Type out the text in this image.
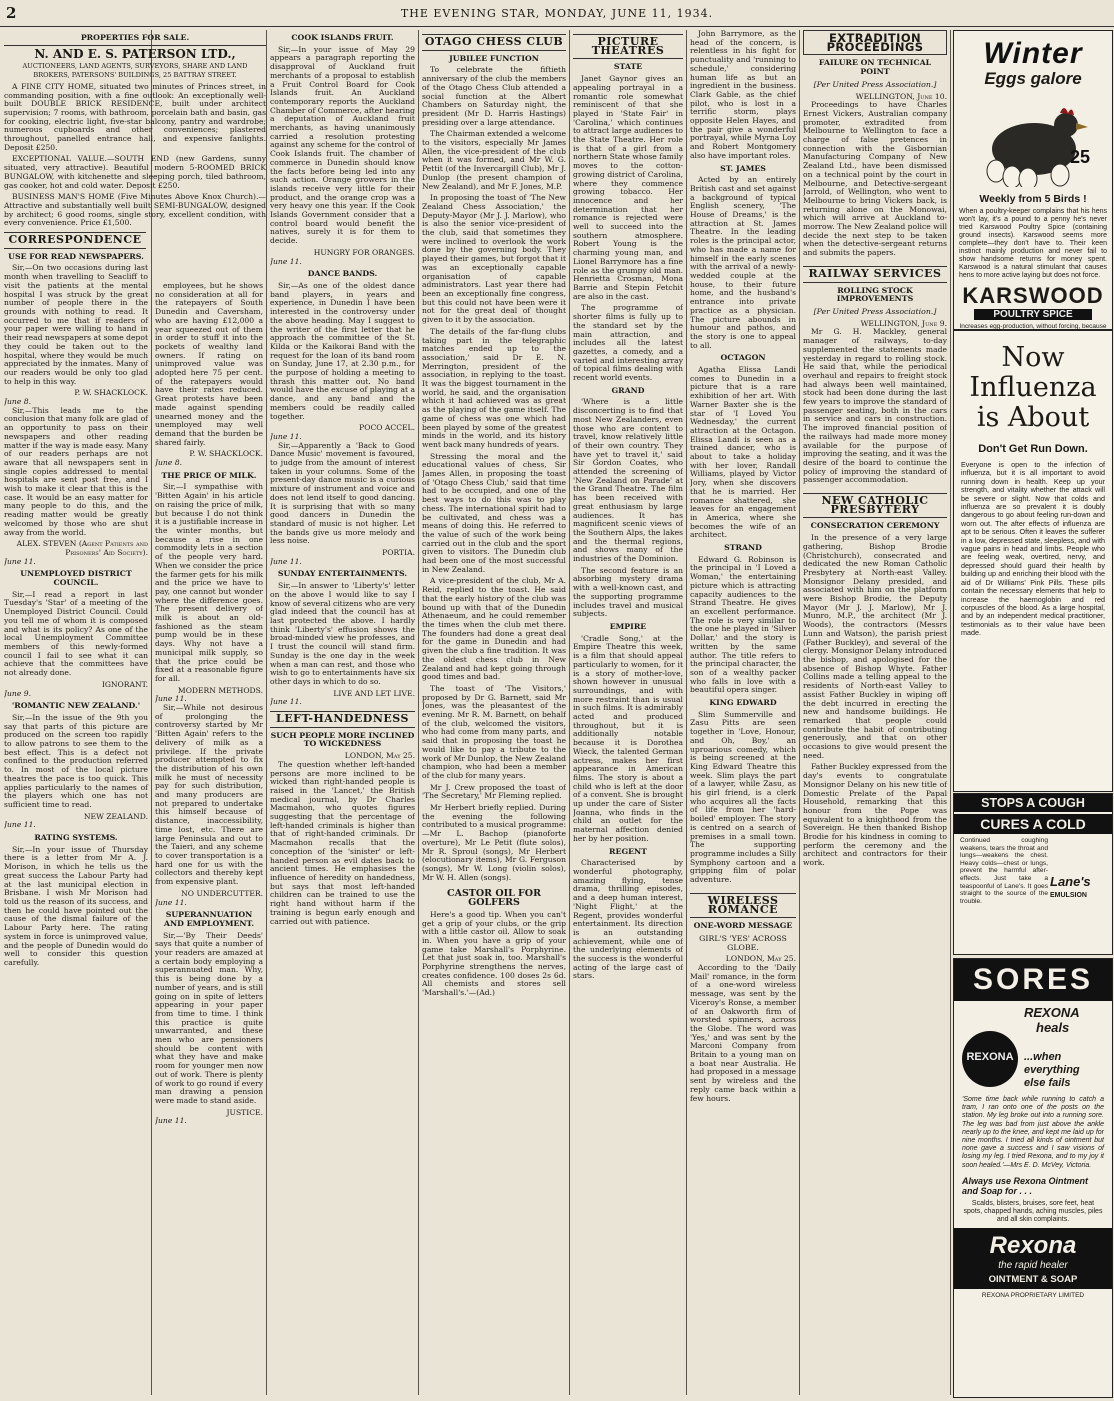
2	THE EVENING STAR, MONDAY, JUNE 11, 1934.
PROPERTIES FOR SALE.
N. AND E. S. PATERSON LTD.,
AUCTIONEERS, LAND AGENTS, SURVEYORS, SHARE AND LAND BROKERS, PATERSONS' BUILDINGS, 25 BATTRAY STREET.

A FINE CITY HOME, situated two minutes of Princes street, in commanding position, with a fine outlook: An exceptionally well-built DOUBLE BRICK RESIDENCE, built under architect supervision; 7 rooms, with bathroom, porcelain bath and basin, gas for cooking, electric light, five-star balcony, pantry and wardrobe; numerous cupboards and other conveniences; plastered throughout, panelled entrance hall, and expensive fanlights. Deposit £250.

EXCEPTIONAL VALUE.—SOUTH END (new Gardens, sunny situated, very attractive). Beautiful modern 5-ROOMED BRICK BUNGALOW, with kitchenette and sleeping porch, tiled bathroom, gas cooker, hot and cold water. Deposit £250.

BUSINESS MAN'S HOME (Five Minutes Above Knox Church).—Attractive and substantially well built SEMI-BUNGALOW, designed by architect; 6 good rooms, single story, excellent condition, with every convenience. Price £1,500.

CORRESPONDENCE
USE FOR READ NEWSPAPERS.

Sir,—On two occasions during last month when travelling to Seacliff to visit the patients at the mental hospital I was struck by the great number of people there in the grounds with nothing to read. It occurred to me that if readers of your paper were willing to hand in their read newspapers at some depot they could be taken out to the hospital, where they would be much appreciated by the inmates. Many of our readers would be only too glad to help in this way.

P. W. SHACKLOCK.
June 8.

Sir,—This leads me to the conclusion that many folk are glad of an opportunity to pass on their newspapers and other reading matter if the way is made easy. Many of our readers perhaps are not aware that all newspapers sent in single copies addressed to mental hospitals are sent post free, and I wish to make it clear that this is the case. It would be an easy matter for many people to do this, and the reading matter would be greatly welcomed by those who are shut away from the world.

ALEX. STEVEN (Agent Patients and Prisoners' Aid Society).
June 11.
UNEMPLOYED DISTRICT COUNCIL.

Sir,—I read a report in last Tuesday's 'Star' of a meeting of the Unemployed District Council. Could you tell me of whom it is composed and what is its policy? As one of the local Unemployment Committee members of this newly-formed council I fail to see what it can achieve that the committees have not already done.

IGNORANT.
June 9.
'ROMANTIC NEW ZEALAND.'

Sir,—In the issue of the 9th you say that parts of this picture are produced on the screen too rapidly to allow patrons to see them to the best effect. This is a defect not confined to the production referred to. In most of the local picture theatres the pace is too quick. This applies particularly to the names of the players which one has not sufficient time to read.

NEW ZEALAND.
June 11.
RATING SYSTEMS.

Sir,—In your issue of Thursday there is a letter from Mr A. J. Morison, in which he tells us the great success the Labour Party had at the last municipal election in Brisbane. I wish Mr Morison had told us the reason of its success, and then he could have pointed out the cause of the dismal failure of the Labour Party here. The rating system in force is unimproved value, and the people of Dunedin would do well to consider this question carefully.

employees, but he shows no consideration at all for the ratepayers of South Dunedin and Caversham, who are having £12,000 a year squeezed out of them in order to stuff it into the pockets of wealthy land owners. If rating on unimproved value was adopted here 75 per cent. of the ratepayers would have their rates reduced. Great protests have been made against spending unearned money and the unemployed may well demand that the burden be shared fairly.

P. W. SHACKLOCK.
June 8.
THE PRICE OF MILK.

Sir,—I sympathise with 'Bitten Again' in his article on raising the price of milk, but because I do not think it is a justifiable increase in the winter months, but because a rise in one commodity lets in a section of the people very hard. When we consider the price the farmer gets for his milk and the price we have to pay, one cannot but wonder where the difference goes. The present delivery of milk is about an old-fashioned as the steam pump would be in these days. Why not have a municipal milk supply, so that the price could be fixed at a reasonable figure for all.

MODERN METHODS.
June 11.

Sir,—While not desirous of prolonging the controversy started by Mr 'Bitten Again' refers to the delivery of milk as a privilege. If the private producer attempted to fix the distribution of his own milk he must of necessity pay for such distribution, and many producers are not prepared to undertake this himself because of distance, inaccessibility, time lost, etc. There are large Peninsula and out to the Taieri, and any scheme to cover transportation is a hard one for us with the collectors and thereby kept from expensive plant.

NO UNDERCUTTER.
June 11.
SUPERANNUATION AND EMPLOYMENT.

Sir,—'By Their Deeds' says that quite a number of your readers are amazed at a certain body employing a superannuated man. Why, this is being done by a number of years, and is still going on in spite of letters appearing in your paper from time to time. I think this practice is quite unwarranted, and these men who are pensioners should be content with what they have and make room for younger men now out of work. There is plenty of work to go round if every man drawing a pension were made to stand aside.

JUSTICE.
June 11.
COOK ISLANDS FRUIT.

Sir,—In your issue of May 29 appears a paragraph reporting the disapproval of Auckland fruit merchants of a proposal to establish a Fruit Control Board for Cook Islands fruit. An Auckland contemporary reports the Auckland Chamber of Commerce, after hearing a deputation of Auckland fruit merchants, as having unanimously carried a resolution protesting against any scheme for the control of Cook Islands fruit. The chamber of commerce in Dunedin should know the facts before being led into any such action. Orange growers in the islands receive very little for their product, and the orange crop was a very heavy one this year. If the Cook Islands Government consider that a control board would benefit the natives, surely it is for them to decide.

HUNGRY FOR ORANGES.
June 11.
DANCE BANDS.

Sir,—As one of the oldest dance band players, in years and experience, in Dunedin I have been interested in the controversy under the above heading. May I suggest to the writer of the first letter that he approach the committee of the St. Kilda or the Kaikorai Band with the request for the loan of its band room on Sunday, June 17, at 2.30 p.m., for the purpose of holding a meeting to thrash this matter out. No band would have the excuse of playing at a dance, and any band and the members could be readily called together.

POCO ACCEL.
June 11.

Sir,—Apparently a 'Back to Good Dance Music' movement is favoured, to judge from the amount of interest taken in your columns. Some of the present-day dance music is a curious mixture of instrument and voice and does not lend itself to good dancing. It is surprising that with so many good dancers in Dunedin the standard of music is not higher. Let the bands give us more melody and less noise.

PORTIA.
June 11.
SUNDAY ENTERTAINMENTS.

Sir,—In answer to 'Liberty's' letter on the above I would like to say I know of several citizens who are very glad indeed that the council has at last protected the above. I hardly think 'Liberty's' effusion shows the broad-minded view he professes, and I trust the council will stand firm. Sunday is the one day in the week when a man can rest, and those who wish to go to entertainments have six other days in which to do so.

LIVE AND LET LIVE.
June 11.
LEFT-HANDEDNESS
SUCH PEOPLE MORE INCLINED TO WICKEDNESS
LONDON, May 25.

The question whether left-handed persons are more inclined to be wicked than right-handed people is raised in the 'Lancet,' the British medical journal, by Dr Charles Macmahon, who quotes figures suggesting that the percentage of left-handed criminals is higher than that of right-handed criminals. Dr Macmahon recalls that the conception of the 'sinister' or left-handed person as evil dates back to ancient times. He emphasises the influence of heredity on handedness, but says that most left-handed children can be trained to use the right hand without harm if the training is begun early enough and carried out with patience.

OTAGO CHESS CLUB
JUBILEE FUNCTION

To celebrate the fiftieth anniversary of the club the members of the Otago Chess Club attended a social function at the Albert Chambers on Saturday night, the president (Mr D. Harris Hastings) presiding over a large attendance.

The Chairman extended a welcome to the visitors, especially Mr James Allen, the vice-president of the club when it was formed, and Mr W. G. Pettit (of the Invercargill Club), Mr J. Dunlop (the present champion of New Zealand), and Mr F. Jones, M.P.

In proposing the toast of 'The New Zealand Chess Association,' the Deputy-Mayor (Mr J. J. Marlow), who is also the senior vice-president of the club, said that sometimes they were inclined to overlook the work done by the governing body. They played their games, but forgot that it was an exceptionally capable organisation of capable administrators. Last year there had been an exceptionally fine congress, but this could not have been were it not for the great deal of thought given to it by the association.

The details of the far-flung clubs taking part in the telegraphic matches ended up to the association,' said Dr E. N. Merrington, president of the association, in replying to the toast. It was the biggest tournament in the world, he said, and the organisation which it had achieved was as great as the playing of the game itself. The game of chess was one which had been played by some of the greatest minds in the world, and its history went back many hundreds of years.

Stressing the moral and the educational values of chess, Sir James Allen, in proposing the toast of 'Otago Chess Club,' said that time had to be occupied, and one of the best ways to do this was to play chess. The international spirit had to be cultivated, and chess was a means of doing this. He referred to the value of such of the work being carried out in the club and the sport given to visitors. The Dunedin club had been one of the most successful in New Zealand.

A vice-president of the club, Mr A. Reid, replied to the toast. He said that the early history of the club was bound up with that of the Dunedin Athenaeum, and he could remember the times when the club met there. The founders had done a great deal for the game in Dunedin and had given the club a fine tradition. It was the oldest chess club in New Zealand and had kept going through good times and bad.

The toast of 'The Visitors,' proposed by Dr G. Barnett, said Mr Jones, was the pleasantest of the evening. Mr R. M. Barnett, on behalf of the club, welcomed the visitors, who had come from many parts, and said that in proposing the toast he would like to pay a tribute to the work of Mr Dunlop, the New Zealand champion, who had been a member of the club for many years.

Mr J. Crew proposed the toast of 'The Secretary,' Mr Fleming replied.

Mr Herbert briefly replied. During the evening the following contributed to a musical programme:—Mr L. Bachop (pianoforte overture), Mr Le Petit (flute solos), Mr R. Sproul (songs), Mr Herbert (elocutionary items), Mr G. Ferguson (songs), Mr W. Long (violin solos), Mr W. H. Allen (songs).

CASTOR OIL FOR GOLFERS

Here's a good tip. When you can't get a grip of your clubs, or the grip with a little castor oil. Allow to soak in. When you have a grip of your game take Marshall's Porphyrine. Let that just soak in, too. Marshall's Porphyrine strengthens the nerves, creates confidence. 100 doses 2s 6d. All chemists and stores sell 'Marshall's.'—(Ad.)

PICTURE THEATRES
STATE

Janet Gaynor gives an appealing portrayal in a romantic role somewhat reminiscent of that she played in 'State Fair' in 'Carolina,' which continues to attract large audiences to the State Theatre. Her role is that of a girl from a northern State whose family moves to the cotton-growing district of Carolina, where they commence growing tobacco. Her innocence and her determination that her romance is rejected were well to succeed into the southern atmosphere. Robert Young is the charming young man, and Lionel Barrymore has a fine role as the grumpy old man. Henrietta Crosman, Mona Barrie and Stepin Fetchit are also in the cast.

The programme of shorter films is fully up to the standard set by the main attraction, and includes all the latest gazettes, a comedy, and a varied and interesting array of topical films dealing with recent world events.

GRAND

'Where is a little disconcerting is to find that most New Zealanders, even those who are content to travel, know relatively little of their own country. They have yet to travel it,' said Sir Gordon Coates, who attended the screening of 'New Zealand on Parade' at the Grand Theatre. The film has been received with great enthusiasm by large audiences. It has magnificent scenic views of the Southern Alps, the lakes and the thermal regions, and shows many of the industries of the Dominion.

The second feature is an absorbing mystery drama with a well-known cast, and the supporting programme includes travel and musical subjects.

EMPIRE

'Cradle Song,' at the Empire Theatre this week, is a film that should appeal particularly to women, for it is a story of mother-love, shown however in unusual surroundings, and with more restraint than is usual in such films. It is admirably acted and produced throughout, but it is additionally notable because it is Dorothea Wieck, the talented German actress, makes her first appearance in American films. The story is about a child who is left at the door of a convent. She is brought up under the care of Sister Joanna, who finds in the child an outlet for the maternal affection denied her by her position.

REGENT

Characterised by wonderful photography, amazing flying, tense drama, thrilling episodes, and a deep human interest, 'Night Flight,' at the Regent, provides wonderful entertainment. Its direction is an outstanding achievement, while one of the underlying elements of the success is the wonderful acting of the large cast of stars.

John Barrymore, as the head of the concern, is relentless in his fight for punctuality and 'running to schedule,' considering human life as but an ingredient in the business. Clark Gable, as the chief pilot, who is lost in a terrific storm, plays opposite Helen Hayes, and the pair give a wonderful portrayal, while Myrna Loy and Robert Montgomery also have important roles.

ST. JAMES

Acted by an entirely British cast and set against a background of typical English scenery, 'The House of Dreams,' is the attraction at St. James Theatre. In the leading roles is the principal actor, who has made a name for himself in the early scenes with the arrival of a newly-wedded couple at the house, to their future home, and the husband's entrance into private practice as a physician. The picture abounds in humour and pathos, and the story is one to appeal to all.

OCTAGON

Agatha Elissa Landi comes to Dunedin in a picture that is a rare exhibition of her art. With Warner Baxter she is the star of 'I Loved You Wednesday,' the current attraction at the Octagon. Elissa Landi is seen as a trained dancer, who is about to take a holiday with her lover, Randall Williams, played by Victor Jory, when she discovers that he is married. Her romance shattered, she leaves for an engagement in America, where she becomes the wife of an architect.

STRAND

Edward G. Robinson is the principal in 'I Loved a Woman,' the entertaining picture which is attracting capacity audiences to the Strand Theatre. He gives an excellent performance. The role is very similar to the one he played in 'Silver Dollar,' and the story is written by the same author. The title refers to the principal character, the son of a wealthy packer who falls in love with a beautiful opera singer.

KING EDWARD

Slim Summerville and Zasu Pitts are seen together in 'Love, Honour, and Oh, Boy,' an uproarious comedy, which is being screened at the King Edward Theatre this week. Slim plays the part of a lawyer, while Zasu, as his girl friend, is a clerk who acquires all the facts of life from her 'hard-boiled' employer. The story is centred on a search of premises in a small town. The supporting programme includes a Silly Symphony cartoon and a gripping film of polar adventure.

WIRELESS ROMANCE
ONE-WORD MESSAGE
GIRL'S 'YES' ACROSS GLOBE.
LONDON, May 25.

According to the 'Daily Mail' romance, in the form of a one-word wireless message, was sent by the Viceroy's Ronse, a member of an Oakworth firm of worsted spinners, across the Globe. The word was 'Yes,' and was sent by the Marconi Company from Britain to a young man on a boat near Australia. He had proposed in a message sent by wireless and the reply came back within a few hours.

EXTRADITION PROCEEDINGS
FAILURE ON TECHNICAL POINT
[Per United Press Association.]
WELLINGTON, June 10.

Proceedings to have Charles Ernest Vickers, Australian company promoter, extradited from Melbourne to Wellington to face a charge of false pretences in connection with the Gisbornian Manufacturing Company of New Zealand Ltd., have been dismissed on a technical point by the court in Melbourne, and Detective-sergeant Jarrold, of Wellington, who went to Melbourne to bring Vickers back, is returning alone on the Monowai, which will arrive at Auckland to-morrow. The New Zealand police will decide the next step to be taken when the detective-sergeant returns and submits the papers.

RAILWAY SERVICES
ROLLING STOCK IMPROVEMENTS
[Per United Press Association.]
WELLINGTON, June 9.

Mr G. H. Mackley, general manager of railways, to-day supplemented the statements made yesterday in regard to rolling stock. He said that, while the periodical overhaul and repairs to freight stock had always been well maintained, stock had been done during the last few years to improve the standard of passenger seating, both in the cars in service and cars in construction. The improved financial position of the railways had made more money available for the purpose of improving the seating, and it was the desire of the board to continue the policy of improving the standard of passenger accommodation.

NEW CATHOLIC PRESBYTERY
CONSECRATION CEREMONY

In the presence of a very large gathering, Bishop Brodie (Christchurch), consecrated and dedicated the new Roman Catholic Presbytery at North-east Valley. Monsignor Delany presided, and associated with him on the platform were Bishop Brodie, the Deputy Mayor (Mr J. J. Marlow), Mr J. Munro, M.P., the architect (Mr J. Woods), the contractors (Messrs Lunn and Watson), the parish priest (Father Buckley), and several of the clergy. Monsignor Delany introduced the bishop, and apologised for the absence of Bishop Whyte. Father Collins made a telling appeal to the residents of North-east Valley to assist Father Buckley in wiping off the debt incurred in erecting the new and handsome buildings. He remarked that people could contribute the habit of contributing generously, and that on other occasions to give would present the need.

Father Buckley expressed from the day's events to congratulate Monsignor Delany on his new title of Domestic Prelate of the Papal Household, remarking that this honour from the Pope was equivalent to a knighthood from the Sovereign. He then thanked Bishop Brodie for his kindness in coming to perform the ceremony and the architect and contractors for their work.

Winter
Eggs galore
25
Weekly from 5 Birds !
When a poultry-keeper complains that his hens won't lay, it's a pound to a penny he's never tried Karswood Poultry Spice (containing ground insects). Karswood seems more complete—they don't have to. Their keen instinct mainly production and never fail to show handsome returns for money spent. Karswood is a natural stimulant that causes hens to more active laying but does not force.
KARSWOOD
POULTRY SPICE
Increases egg-production, without forcing, because
Now
Influenza
is About
Don't Get Run Down.
Everyone is open to the infection of influenza, but it is all important to avoid running down in health. Keep up your strength, and vitality whether the attack will be severe or slight. Now that colds and influenza are so prevalent it is doubly dangerous to go about feeling run-down and worn out. The after effects of influenza are apt to be serious. Often it leaves the sufferer in a low, depressed state, sleepless, and with vague pains in head and limbs. People who are feeling weak, overtired, nervy, and depressed should guard their health by building up and enriching their blood with the aid of Dr Williams' Pink Pills. These pills contain the necessary elements that help to increase the haemoglobin and red corpuscles of the blood. As a large hospital, and by an independent medical practitioner, testimonials as to their value have been made.
STOPS A COUGH
CURES A COLD
Continued coughing weakens, tears the throat and lungs—weakens the chest. Heavy colds—chest or lungs, prevent the harmful after-effects. Just take a teaspoonful of Lane's. It goes straight to the source of the trouble.
Lane's
EMULSION
SORES
REXONA
REXONA
heals
...when everything else fails
'Some time back while running to catch a tram, I ran onto one of the posts on the station. My leg broke out into a running sore. The leg was bad from just above the ankle nearly up to the knee, and kept me laid up for nine months. I tried all kinds of ointment but none gave a success and I saw visions of losing my leg. I tried Rexona, and to my joy it soon healed.'—Mrs E. D. McVey, Victoria.
Always use Rexona Ointment and Soap for . . .
Scalds, blisters, bruises, sore feet, heat spots, chapped hands, aching muscles, piles and all skin complaints.
Rexona
the rapid healer
OINTMENT & SOAP
REXONA PROPRIETARY LIMITED
